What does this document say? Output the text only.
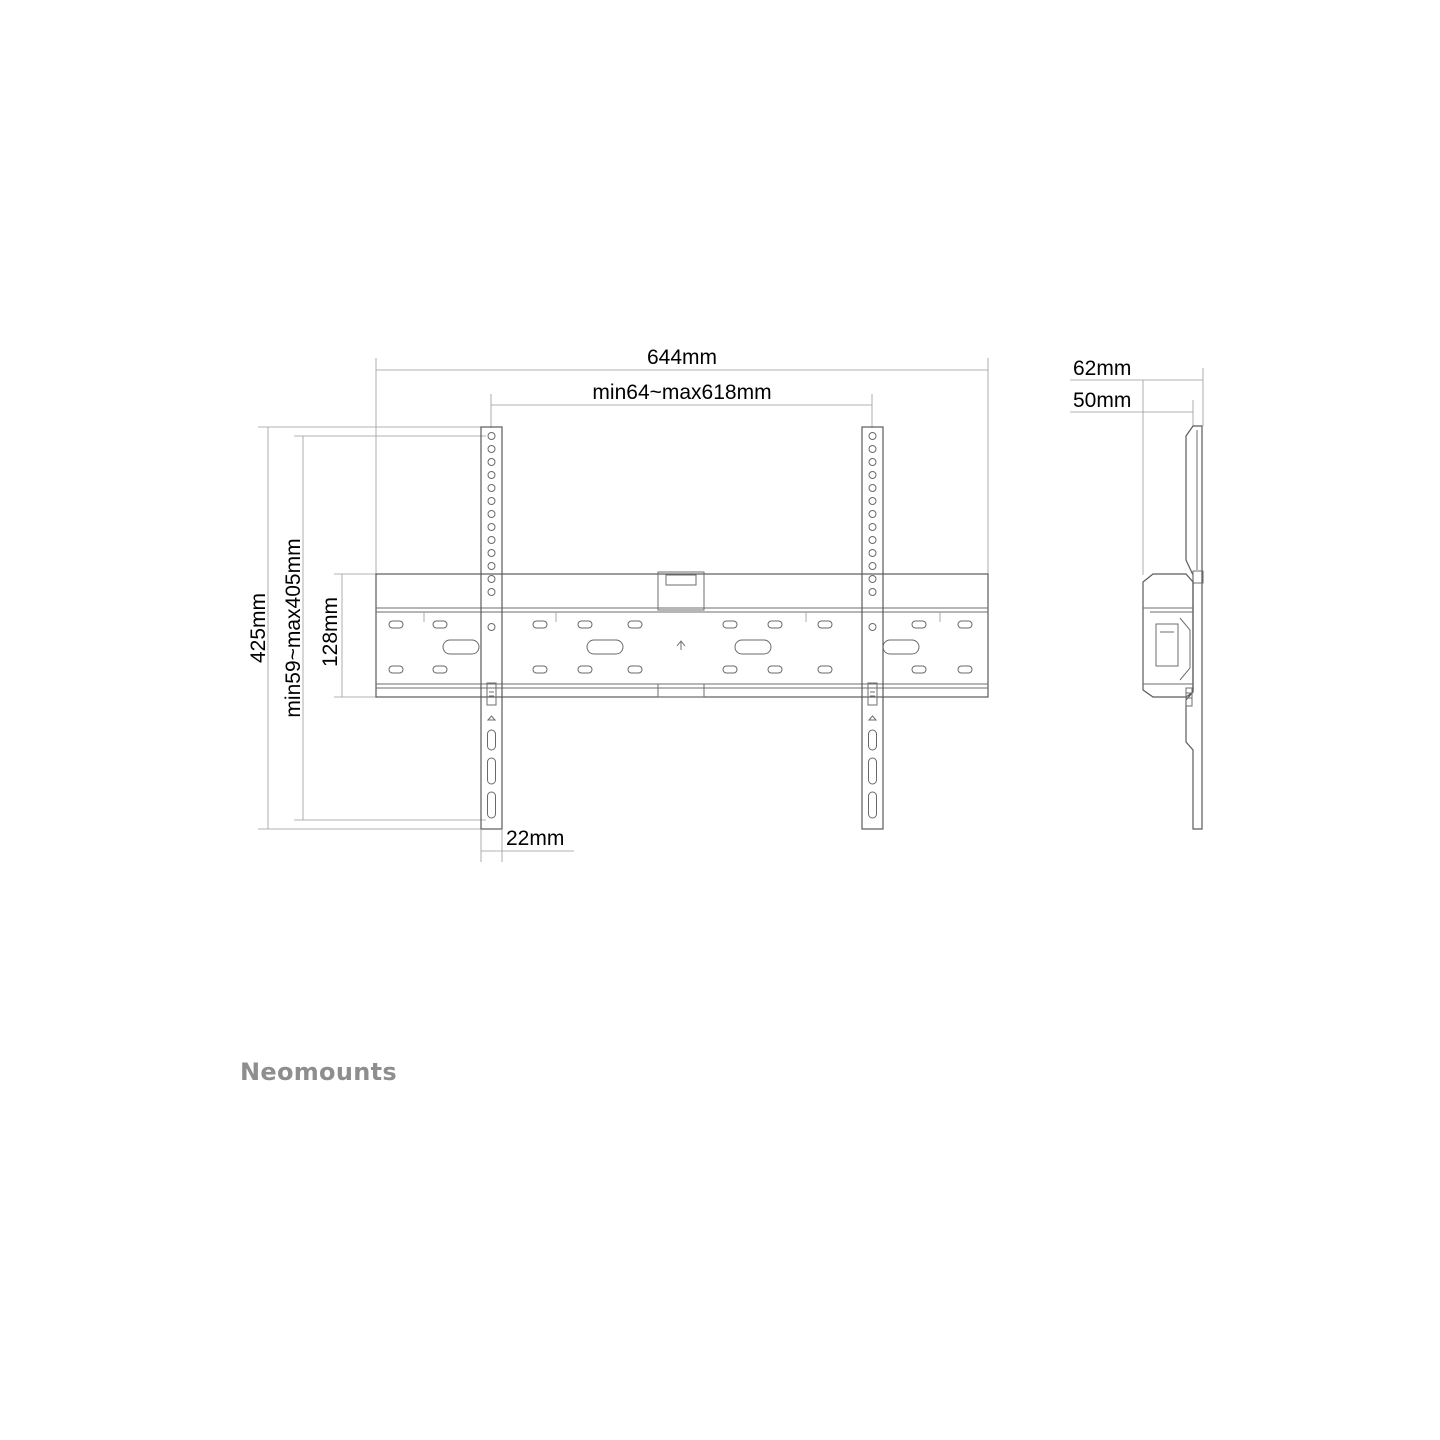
644mm
min64~max618mm
425mm min59~max405mm 128mm
22mm
62mm
50mm
Neomounts
